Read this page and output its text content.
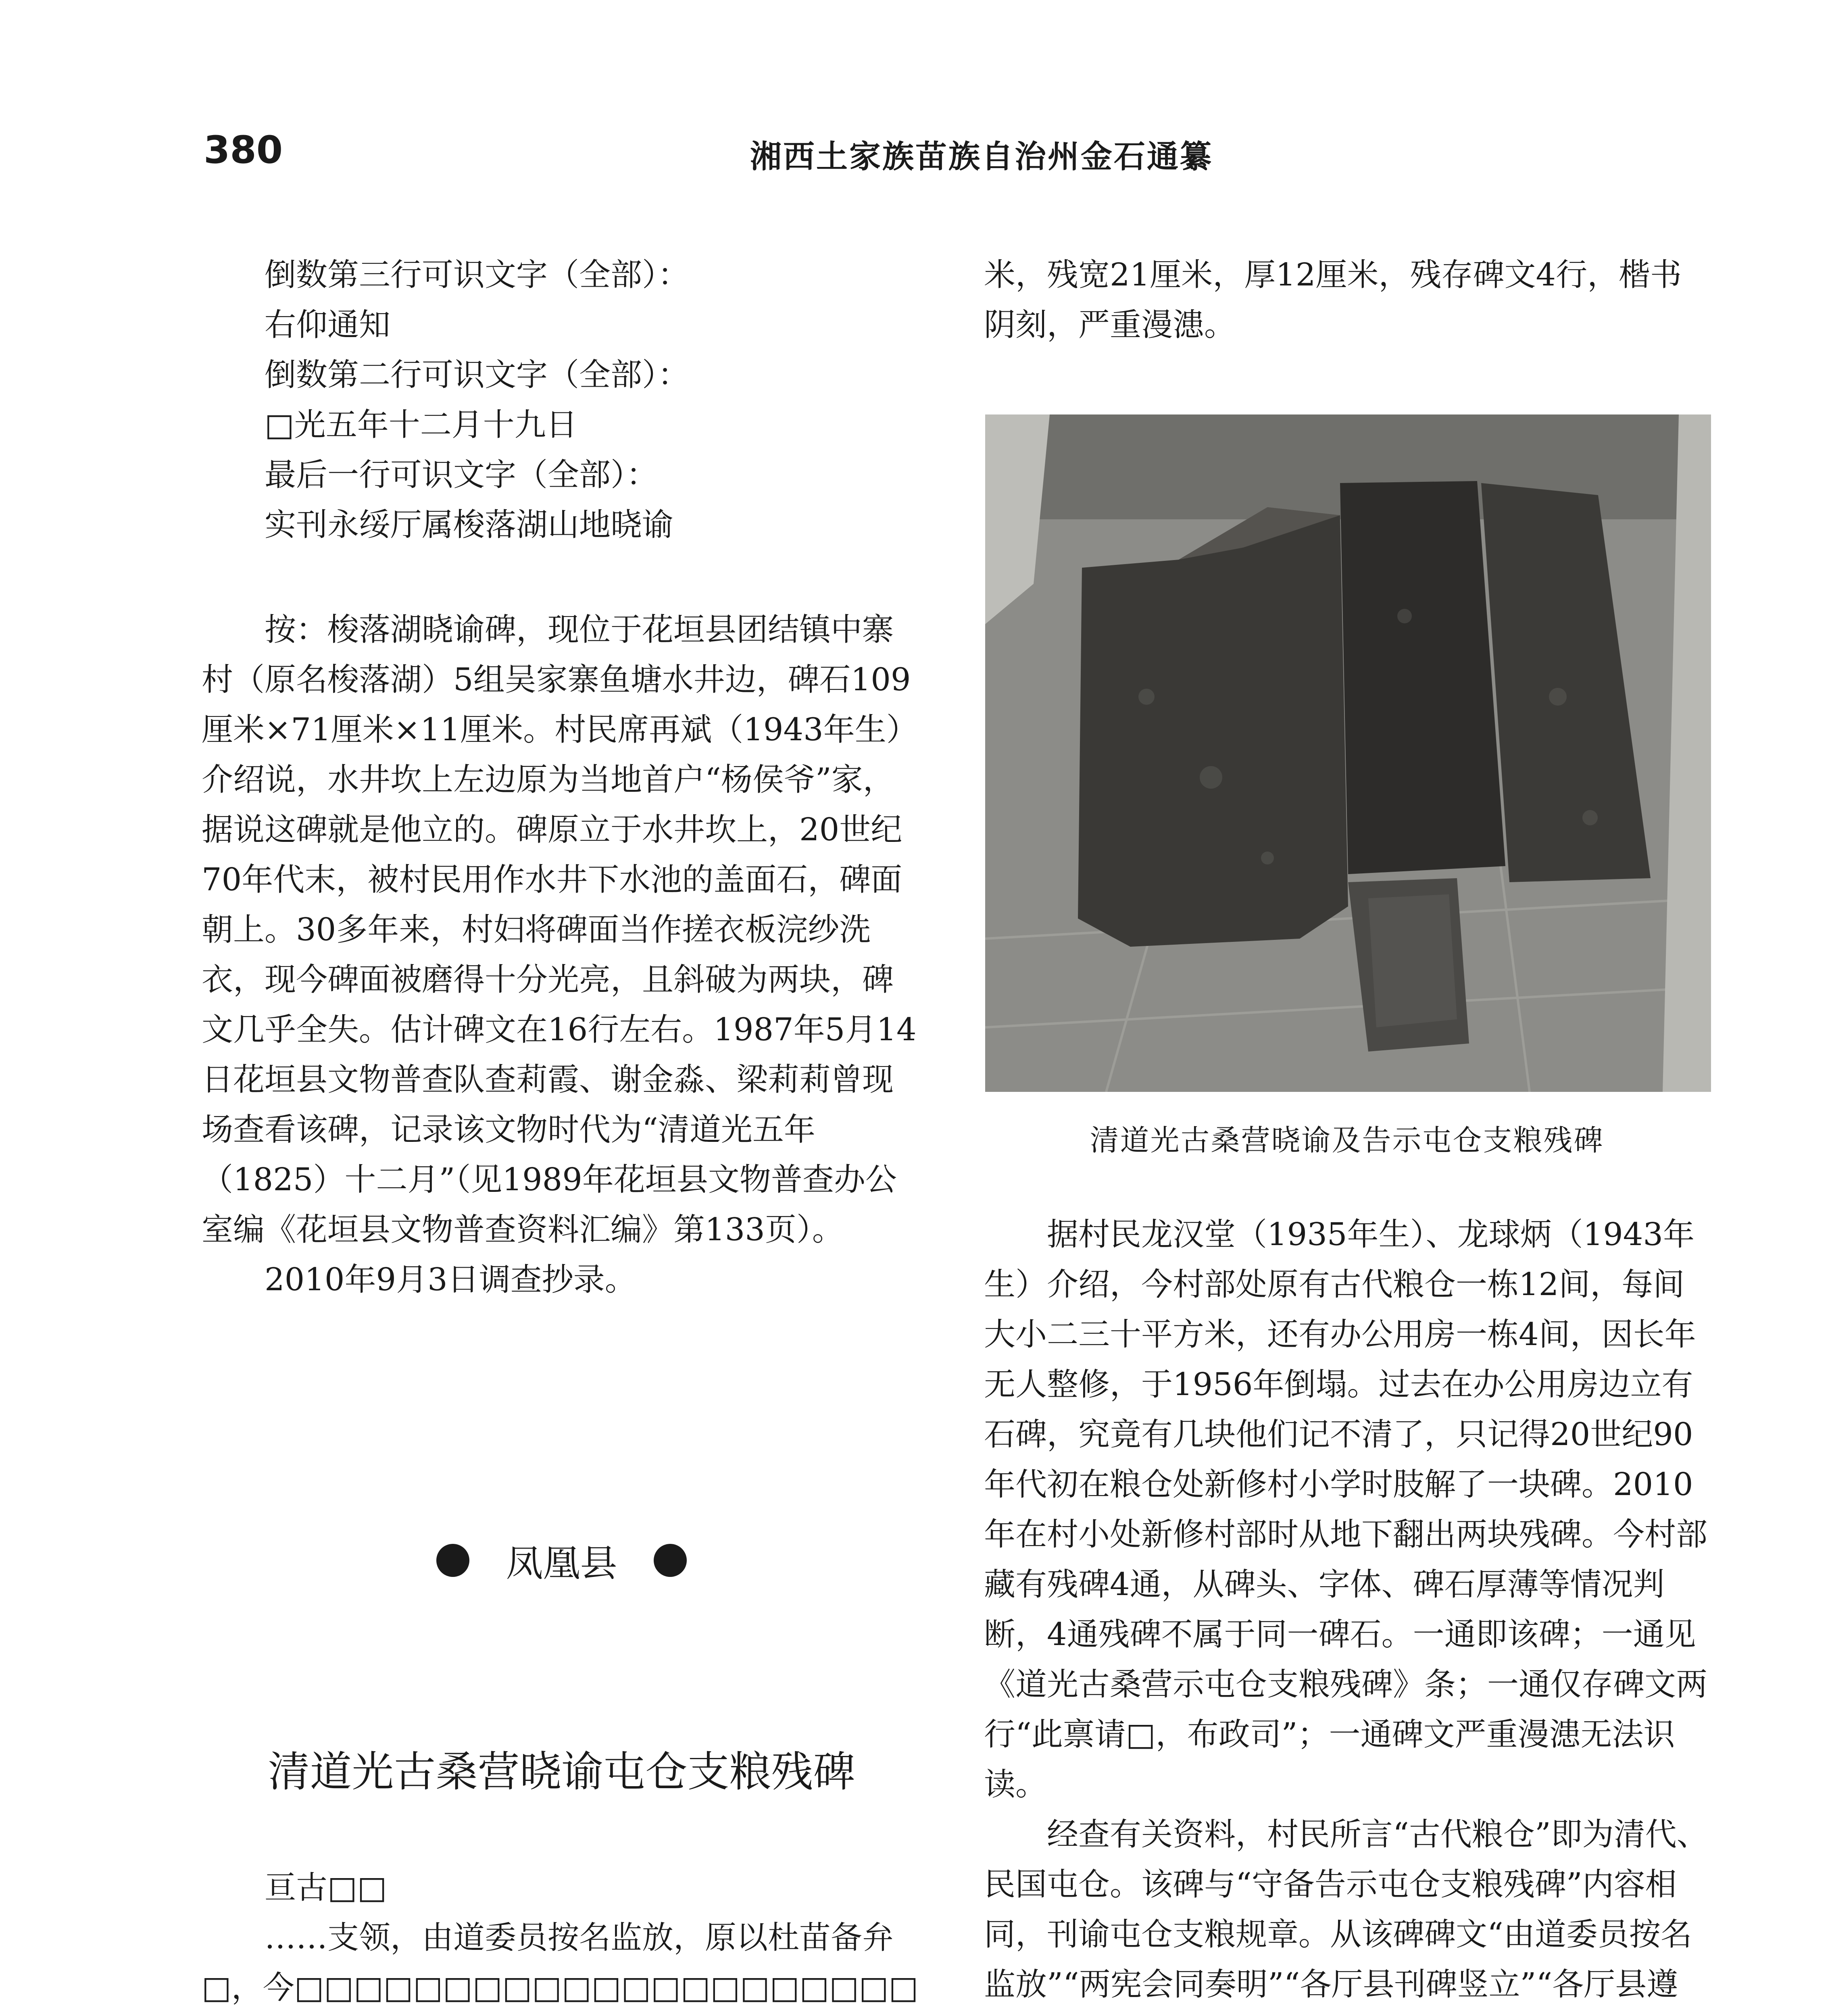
380	湘西土家族苗族自治州金石通纂

倒数第三行可识文字（全部）：

右仰通知

倒数第二行可识文字（全部）：

□光五年十二月十九日

最后一行可识文字（全部）：

实刊永绥厅属梭落湖山地晓谕

按：梭落湖晓谕碑，现位于花垣县团结镇中寨村（原名梭落湖）5组吴家寨鱼塘水井边，碑石109厘米×71厘米×11厘米。村民席再斌（1943年生）介绍说，水井坎上左边原为当地首户“杨侯爷”家，据说这碑就是他立的。碑原立于水井坎上，20世纪70年代末，被村民用作水井下水池的盖面石，碑面朝上。30多年来，村妇将碑面当作搓衣板浣纱洗衣，现今碑面被磨得十分光亮，且斜破为两块，碑文几乎全失。估计碑文在16行左右。1987年5月14日花垣县文物普查队查莉霞、谢金淼、梁莉莉曾现场查看该碑，记录该文物时代为“清道光五年（1825）十二月”（见1989年花垣县文物普查办公室编《花垣县文物普查资料汇编》第133页）。

2010年9月3日调查抄录。

凤凰县
清道光古桑营晓谕屯仓支粮残碑

亘古□□

……支领，由道委员按名监放，原以杜苗备弁□，今□□□□□□□□□□□□□□□□□□□□□

米，残宽21厘米，厚12厘米，残存碑文4行，楷书阴刻，严重漫漶。

清道光古桑营晓谕及告示屯仓支粮残碑

据村民龙汉堂（1935年生）、龙球炳（1943年生）介绍，今村部处原有古代粮仓一栋12间，每间大小二三十平方米，还有办公用房一栋4间，因长年无人整修，于1956年倒塌。过去在办公用房边立有石碑，究竟有几块他们记不清了，只记得20世纪90年代初在粮仓处新修村小学时肢解了一块碑。2010年在村小处新修村部时从地下翻出两块残碑。今村部藏有残碑4通，从碑头、字体、碑石厚薄等情况判断，4通残碑不属于同一碑石。一通即该碑；一通见《道光古桑营示屯仓支粮残碑》条；一通仅存碑文两行“此禀请□，布政司”；一通碑文严重漫漶无法识读。

经查有关资料，村民所言“古代粮仓”即为清代、民国屯仓。该碑与“守备告示屯仓支粮残碑”内容相同，刊谕屯仓支粮规章。从该碑碑文“由道委员按名监放”“两宪会同奏明”“各厅县刊碑竖立”“各厅县遵
